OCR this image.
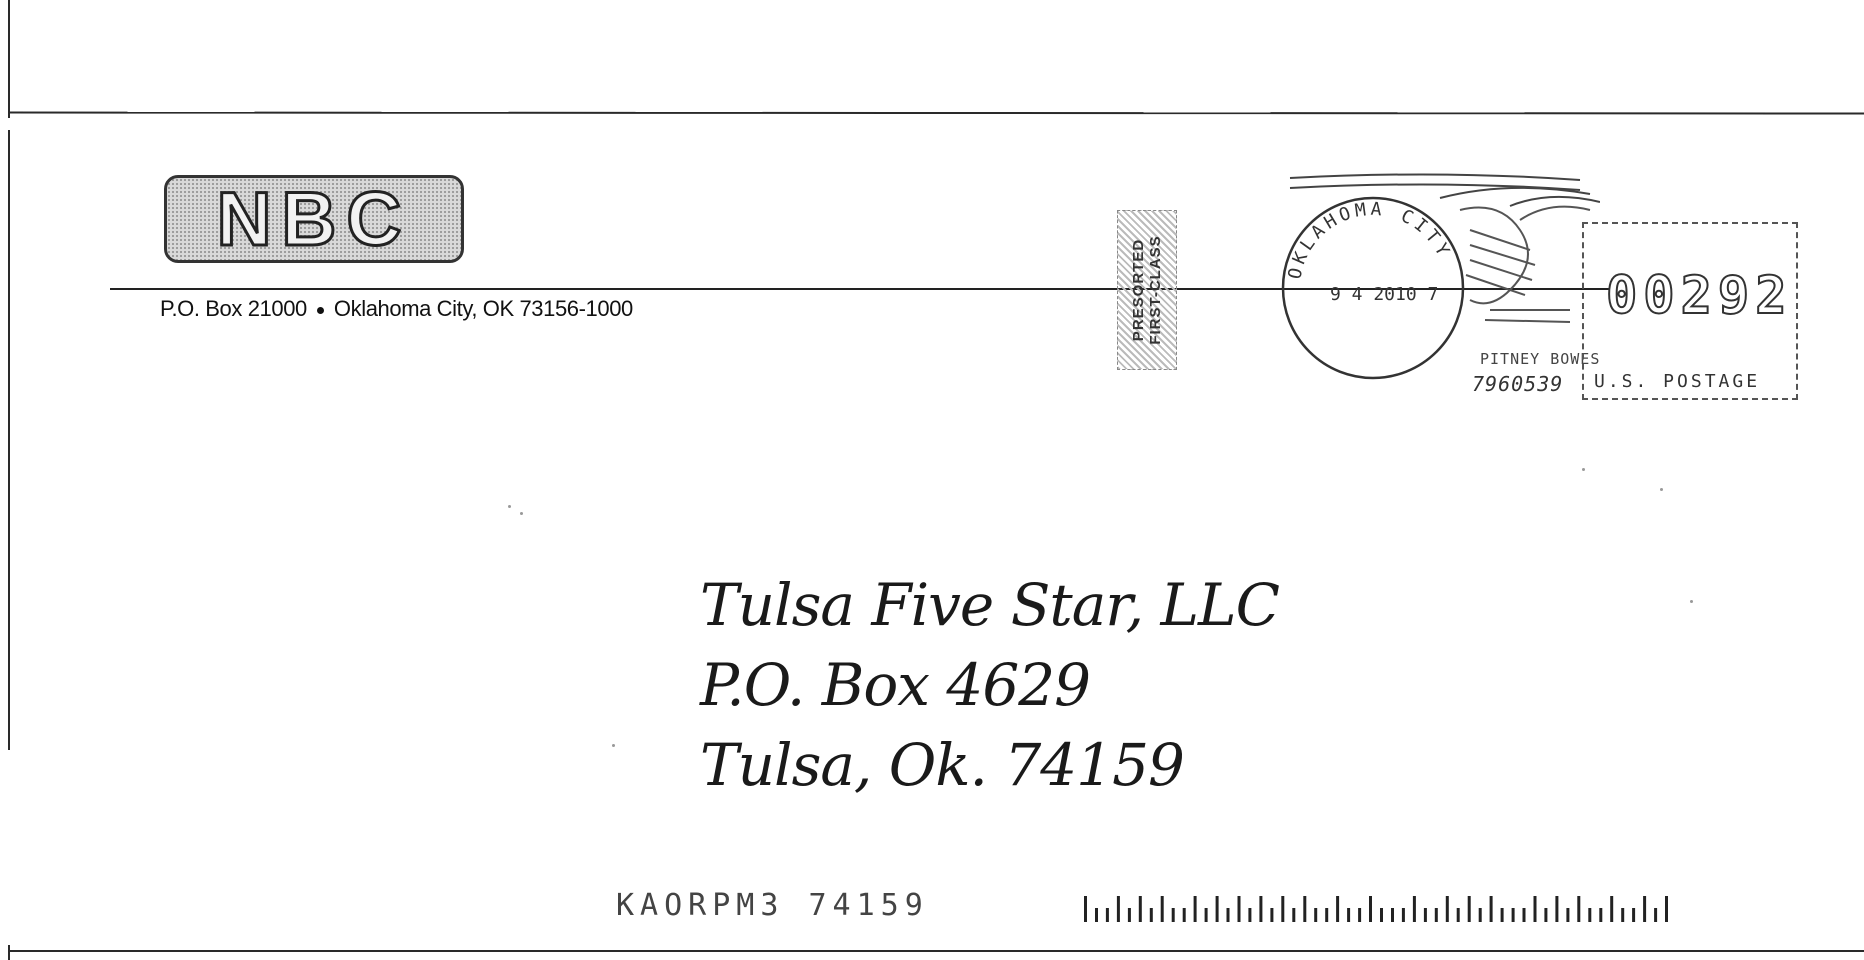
NBC
P.O. Box 21000 Oklahoma City, OK 73156-1000	PRESORTED FIRST-CLASS	OKLAHOMA CITY
9 4 2010 7
PITNEY BOWES
7960539
00292
U.S. POSTAGE
Tulsa Five Star, LLC
P.O. Box 4629
Tulsa, Ok. 74159
KAORPM3 74159
